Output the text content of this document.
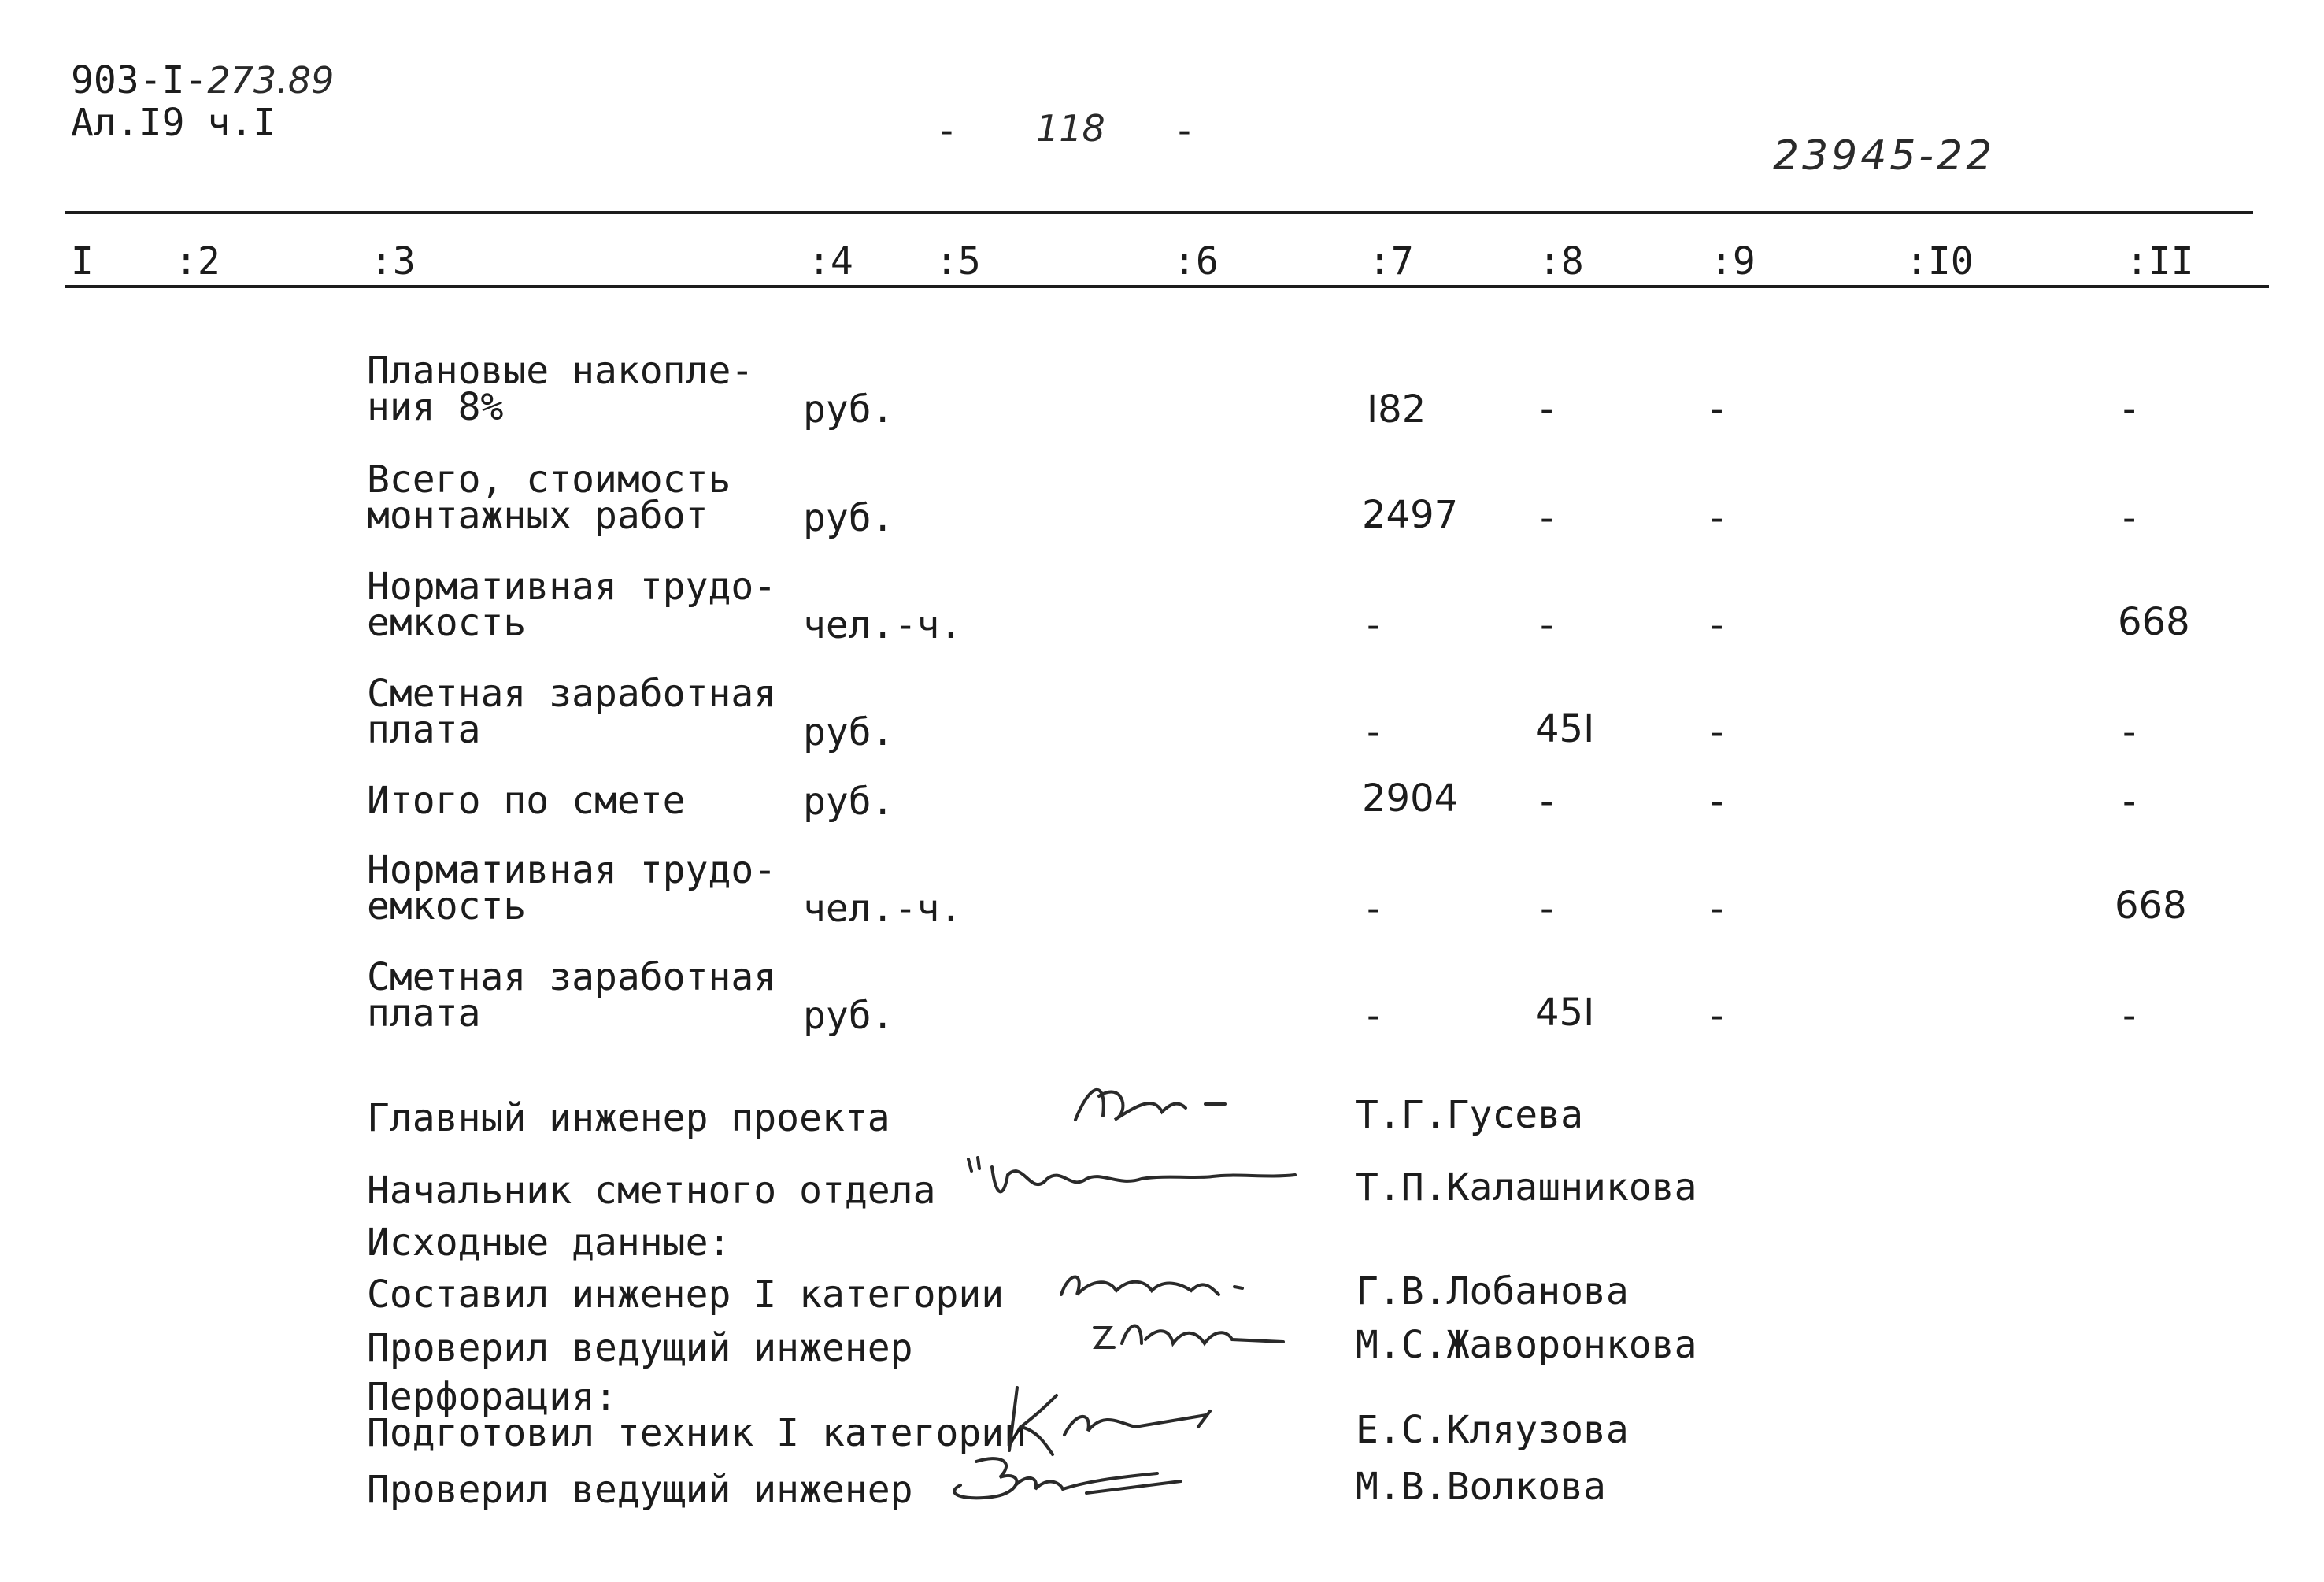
903-I-273.89
Ал.I9 ч.I	- 118 -
23945-22
I :2	:3	:4 :5	:6	:7	:8	:9	:I0	:II
Плановые накопле-
ния 8%	руб.	I82	-	-	-
Всего, стоимость
монтажных работ	руб.	2497 -	-	-
Нормативная трудо-
емкость	чел.-ч.	-	-	-	668
Сметная заработная
плата	руб.	-	45I	-	-
Итого по смете	руб.	2904 -	-	-
Нормативная трудо-
емкость	чел.-ч.	-	-	-	668
Сметная заработная
плата	руб.	-	45I	-	-
Главный инженер проекта	Т.Г.Гусева
Начальник сметного отдела	Т.П.Калашникова
Исходные данные:
Составил инженер I категории	Г.В.Лобанова
Проверил ведущий инженер	М.С.Жаворонкова
Перфорация:
Подготовил техник I категории	Е.С.Кляузова
Проверил ведущий инженер	М.В.Волкова
